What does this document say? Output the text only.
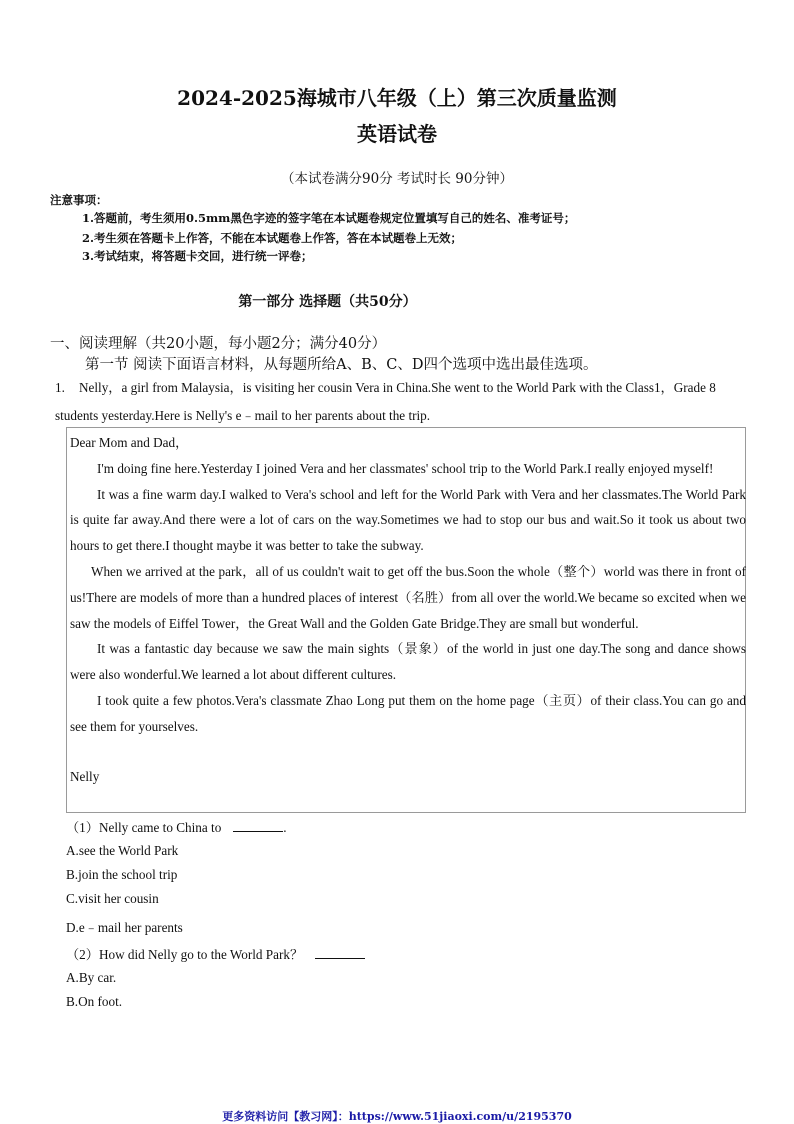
2024-2025海城市八年级（上）第三次质量监测
英语试卷
（本试卷满分90分 考试时长 90分钟）
注意事项：
1.答题前，考生须用0.5mm黑色字迹的签字笔在本试题卷规定位置填写自己的姓名、准考证号；
2.考生须在答题卡上作答，不能在本试题卷上作答，答在本试题卷上无效；
3.考试结束，将答题卡交回，进行统一评卷；
第一部分 选择题（共50分）
一、阅读理解（共20小题，每小题2分；满分40分）
第一节 阅读下面语言材料，从每题所给A、B、C、D四个选项中选出最佳选项。
1. Nelly，a girl from Malaysia，is visiting her cousin Vera in China.She went to the World Park with the Class1，Grade 8 students yesterday.Here is Nelly's e﹣mail to her parents about the trip.

Dear Mom and Dad，

I'm doing fine here.Yesterday I joined Vera and her classmates' school trip to the World Park.I really enjoyed myself!

It was a fine warm day.I walked to Vera's school and left for the World Park with Vera and her classmates.The World Park is quite far away.And there were a lot of cars on the way.Sometimes we had to stop our bus and wait.So it took us about two hours to get there.I thought maybe it was better to take the subway.

When we arrived at the park，all of us couldn't wait to get off the bus.Soon the whole（整个）world was there in front of us!There are models of more than a hundred places of interest（名胜）from all over the world.We became so excited when we saw the models of Eiffel Tower，the Great Wall and the Golden Gate Bridge.They are small but wonderful.

It was a fantastic day because we saw the main sights（景象）of the world in just one day.The song and dance shows were also wonderful.We learned a lot about different cultures.

I took quite a few photos.Vera's classmate Zhao Long put them on the home page（主页）of their class.You can go and see them for yourselves.

Nelly

（1）Nelly came to China to	.
A.see the World Park
B.join the school trip
C.visit her cousin
D.e﹣mail her parents
（2）How did Nelly go to the World Park？
A.By car.
B.On foot.
更多资料访问【教习网】：https://www.51jiaoxi.com/u/2195370
